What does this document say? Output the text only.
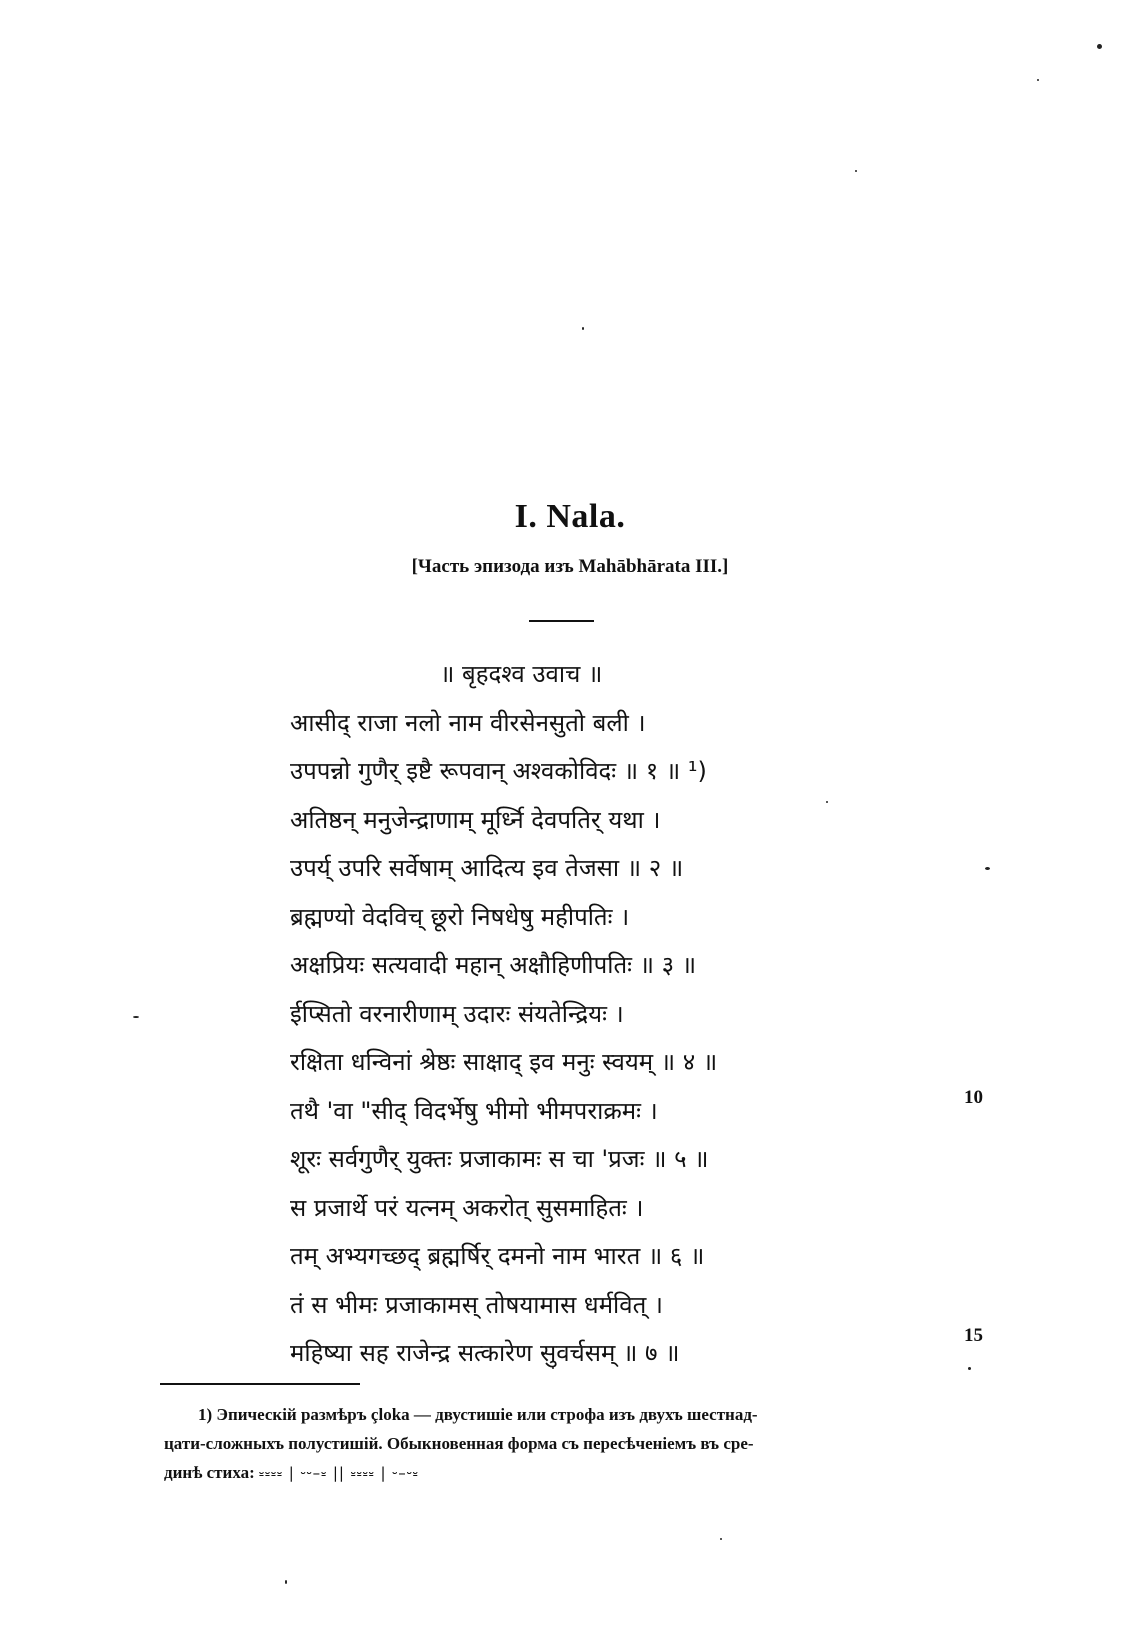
I. Nala.
[Часть эпизода изъ Mahābhārata III.]
॥ बृहदश्व उवाच ॥
आसीद् राजा नलो नाम वीरसेनसुतो बली ।
उपपन्नो गुणैर् इष्टै रूपवान् अश्वकोविदः ॥ १ ॥ ¹)
अतिष्ठन् मनुजेन्द्राणाम् मूर्ध्नि देवपतिर् यथा ।
उपर्य् उपरि सर्वेषाम् आदित्य इव तेजसा ॥ २ ॥
ब्रह्मण्यो वेदविच् छूरो निषधेषु महीपतिः ।
अक्षप्रियः सत्यवादी महान् अक्षौहिणीपतिः ॥ ३ ॥
ईप्सितो वरनारीणाम् उदारः संयतेन्द्रियः ।
रक्षिता धन्विनां श्रेष्ठः साक्षाद् इव मनुः स्वयम् ॥ ४ ॥
तथै 'वा "सीद् विदर्भेषु भीमो भीमपराक्रमः ।
शूरः सर्वगुणैर् युक्तः प्रजाकामः स चा 'प्रजः ॥ ५ ॥
स प्रजार्थे परं यत्नम् अकरोत् सुसमाहितः ।
तम् अभ्यगच्छद् ब्रह्मर्षिर् दमनो नाम भारत ॥ ६ ॥
तं स भीमः प्रजाकामस् तोषयामास धर्मवित् ।
महिष्या सह राजेन्द्र सत्कारेण सुवर्चसम् ॥ ७ ॥
10
15
1) Эпическій размѣръ çloka — двустишіе или строфа изъ двухъ шестнад-
цати-сложныхъ полустишій. Обыкновенная форма съ пересѣченіемъ въ сре-
динѣ стиха: ⏓⏓⏓⏓ | ⏑⏑–⏓ || ⏓⏓⏓⏓ | ⏑–⏑⏓
